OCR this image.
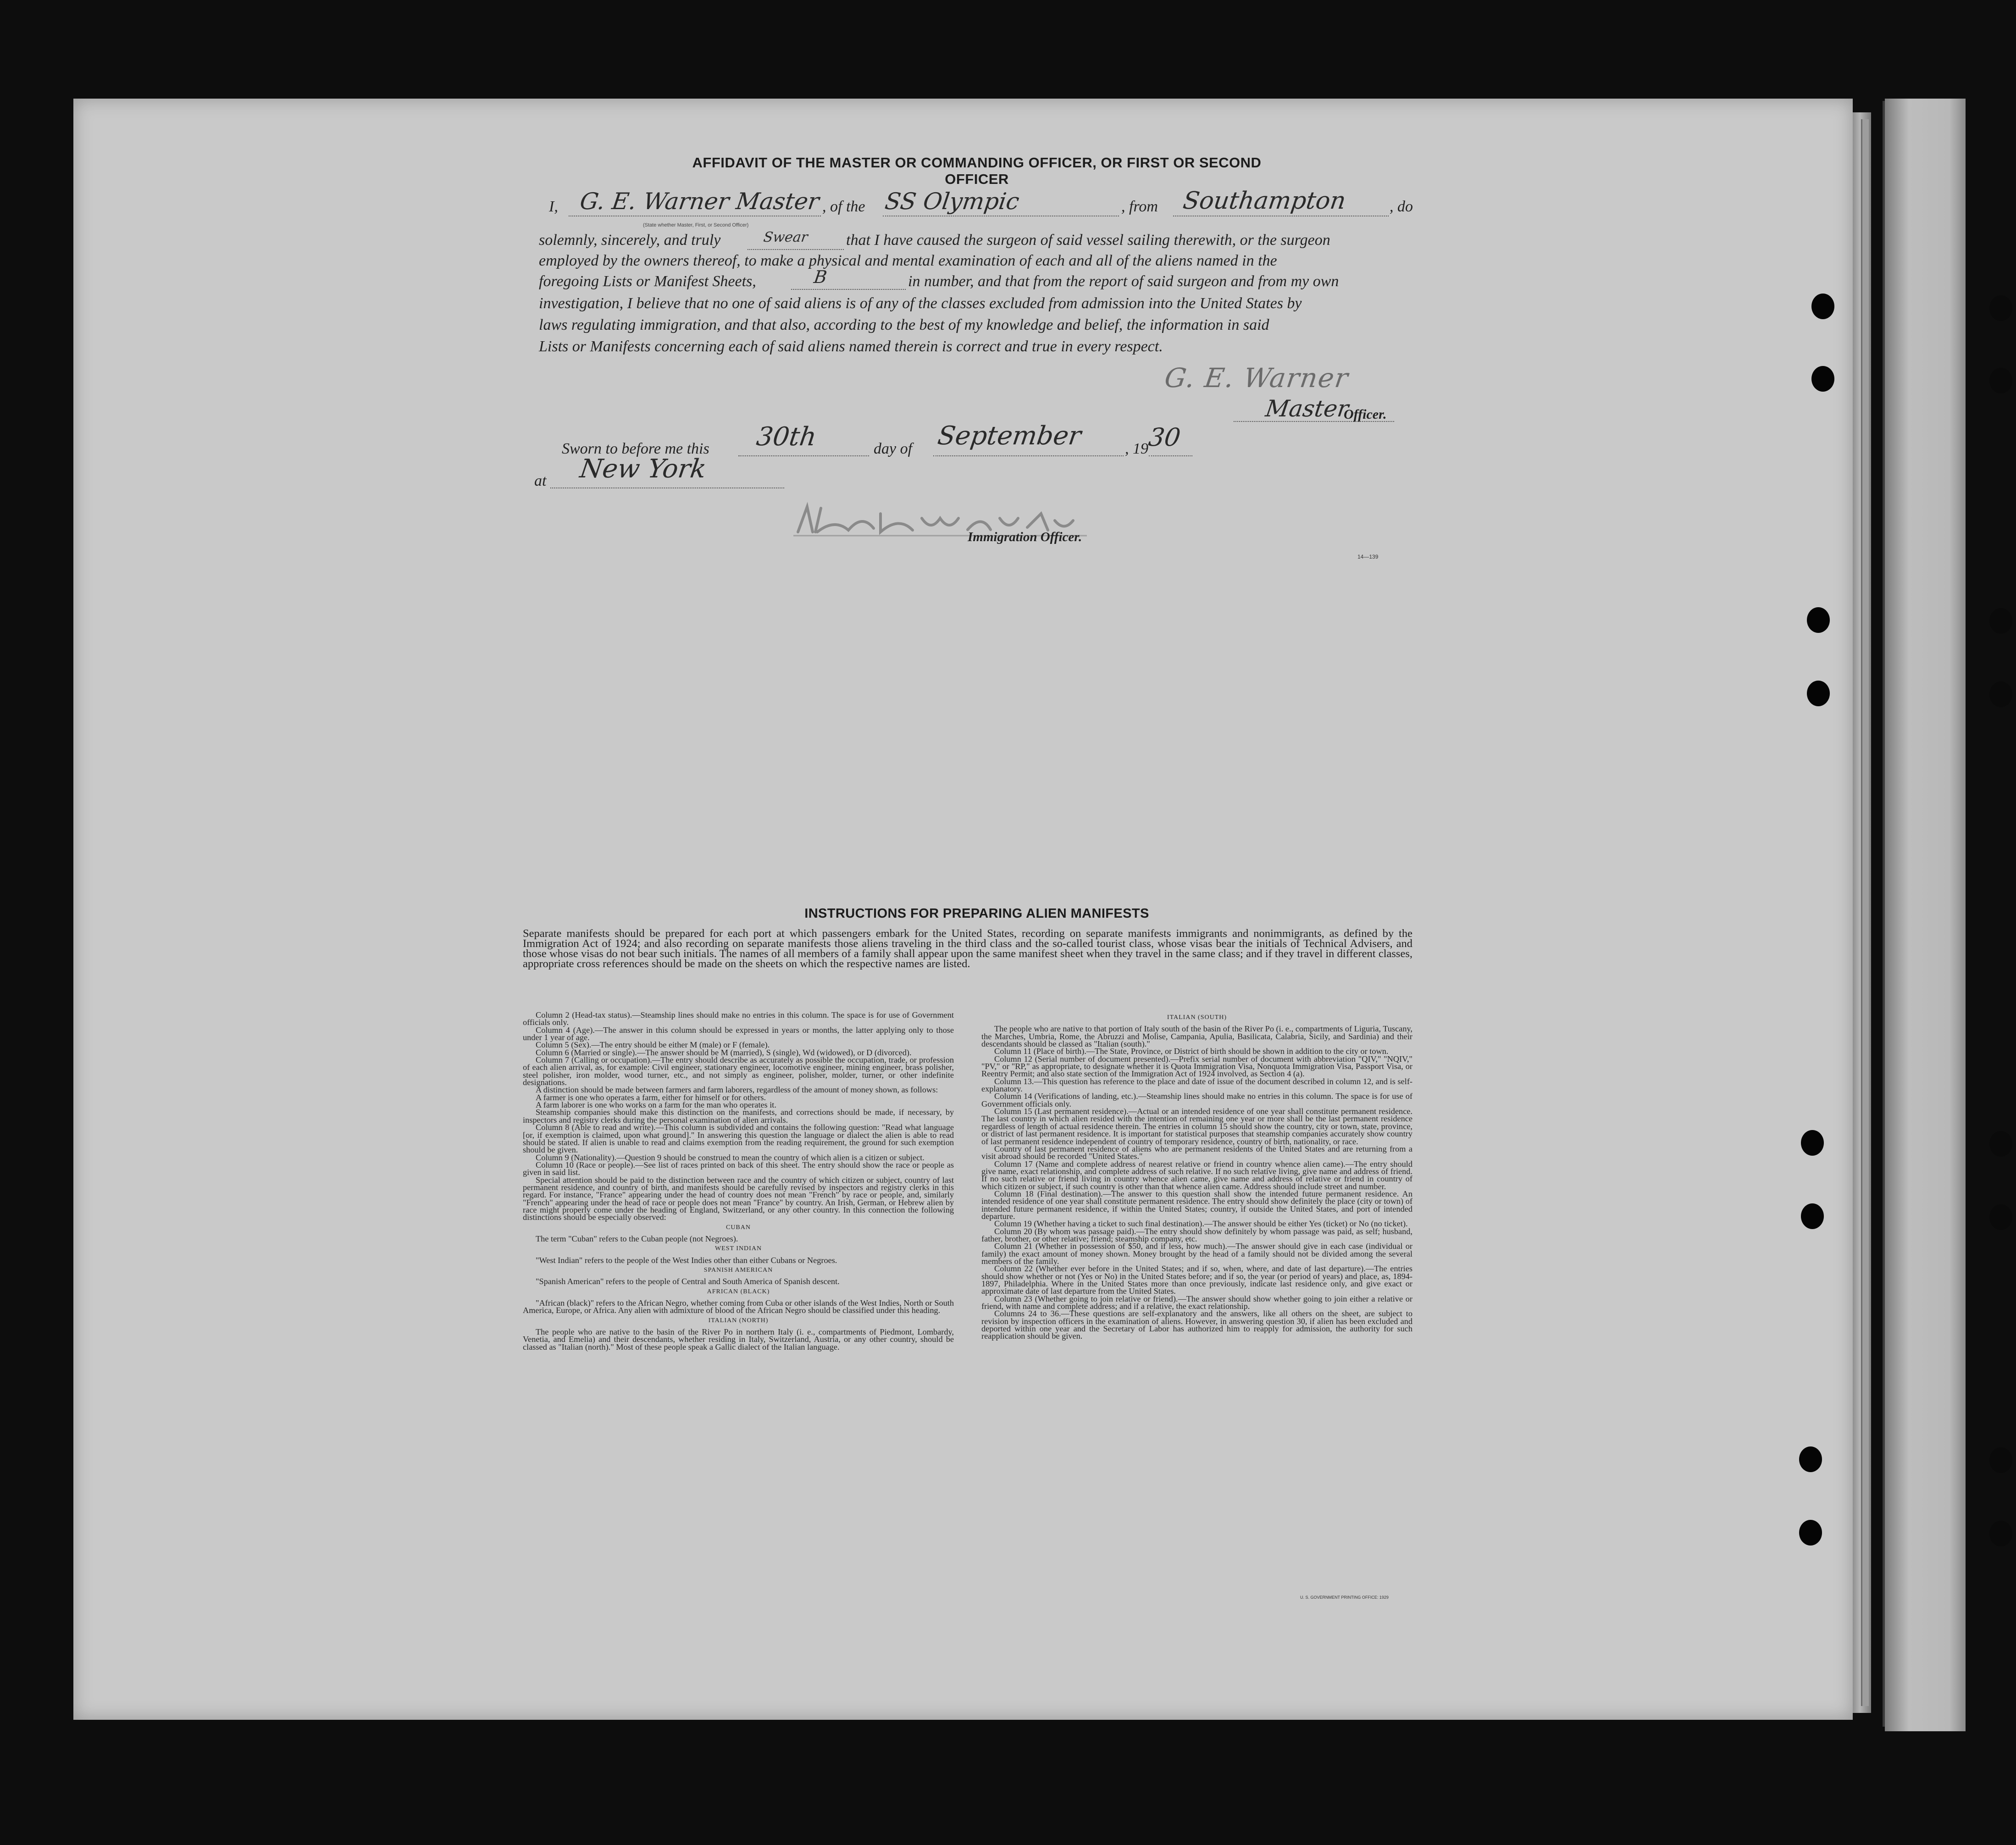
AFFIDAVIT OF THE MASTER OR COMMANDING OFFICER, OR FIRST OR SECOND OFFICER
I, G. E. Warner Master , of the SS Olympic	, from Southampton	, do
(State whether Master, First, or Second Officer)
solemnly, sincerely, and truly	Swear that I have caused the surgeon of said vessel sailing therewith, or the surgeon
employed by the owners thereof, to make a physical and mental examination of each and all of the aliens named in the
foregoing Lists or Manifest Sheets,	B	in number, and that from the report of said surgeon and from my own
investigation, I believe that no one of said aliens is of any of the classes excluded from admission into the United States by
laws regulating immigration, and that also, according to the best of my knowledge and belief, the information in said
Lists or Manifests concerning each of said aliens named therein is correct and true in every respect.
G. E. Warner
Master
Officer.
Sworn to before me this 30th	day of September	, 19
30
at New York
Immigration Officer.
14—139
INSTRUCTIONS FOR PREPARING ALIEN MANIFESTS
Separate manifests should be prepared for each port at which passengers embark for the United States, recording on separate manifests immigrants and nonimmigrants, as defined by the Immigration Act of 1924; and also recording on separate manifests those aliens traveling in the third class and the so-called tourist class, whose visas bear the initials of Technical Advisers, and those whose visas do not bear such initials. The names of all members of a family shall appear upon the same manifest sheet when they travel in the same class; and if they travel in different classes, appropriate cross references should be made on the sheets on which the respective names are listed.

Column 2 (Head-tax status).—Steamship lines should make no entries in this column. The space is for use of Government officials only.

Column 4 (Age).—The answer in this column should be expressed in years or months, the latter applying only to those under 1 year of age.

Column 5 (Sex).—The entry should be either M (male) or F (female).

Column 6 (Married or single).—The answer should be M (married), S (single), Wd (widowed), or D (divorced).

Column 7 (Calling or occupation).—The entry should describe as accurately as possible the occupation, trade, or profession of each alien arrival, as, for example: Civil engineer, stationary engineer, locomotive engineer, mining engineer, brass polisher, steel polisher, iron molder, wood turner, etc., and not simply as engineer, polisher, molder, turner, or other indefinite designations.

A distinction should be made between farmers and farm laborers, regardless of the amount of money shown, as follows:

A farmer is one who operates a farm, either for himself or for others.

A farm laborer is one who works on a farm for the man who operates it.

Steamship companies should make this distinction on the manifests, and corrections should be made, if necessary, by inspectors and registry clerks during the personal examination of alien arrivals.

Column 8 (Able to read and write).—This column is subdivided and contains the following question: "Read what language [or, if exemption is claimed, upon what ground]." In answering this question the language or dialect the alien is able to read should be stated. If alien is unable to read and claims exemption from the reading requirement, the ground for such exemption should be given.

Column 9 (Nationality).—Question 9 should be construed to mean the country of which alien is a citizen or subject.

Column 10 (Race or people).—See list of races printed on back of this sheet. The entry should show the race or people as given in said list.

Special attention should be paid to the distinction between race and the country of which citizen or subject, country of last permanent residence, and country of birth, and manifests should be carefully revised by inspectors and registry clerks in this regard. For instance, "France" appearing under the head of country does not mean "French" by race or people, and, similarly "French" appearing under the head of race or people does not mean "France" by country. An Irish, German, or Hebrew alien by race might properly come under the heading of England, Switzerland, or any other country. In this connection the following distinctions should be especially observed:

CUBAN

The term "Cuban" refers to the Cuban people (not Negroes).

WEST INDIAN

"West Indian" refers to the people of the West Indies other than either Cubans or Negroes.

SPANISH AMERICAN

"Spanish American" refers to the people of Central and South America of Spanish descent.

AFRICAN (BLACK)

"African (black)" refers to the African Negro, whether coming from Cuba or other islands of the West Indies, North or South America, Europe, or Africa. Any alien with admixture of blood of the African Negro should be classified under this heading.

ITALIAN (NORTH)

The people who are native to the basin of the River Po in northern Italy (i. e., compartments of Piedmont, Lombardy, Venetia, and Emelia) and their descendants, whether residing in Italy, Switzerland, Austria, or any other country, should be classed as "Italian (north)." Most of these people speak a Gallic dialect of the Italian language.

ITALIAN (SOUTH)

The people who are native to that portion of Italy south of the basin of the River Po (i. e., compartments of Liguria, Tuscany, the Marches, Umbria, Rome, the Abruzzi and Molise, Campania, Apulia, Basilicata, Calabria, Sicily, and Sardinia) and their descendants should be classed as "Italian (south)."

Column 11 (Place of birth).—The State, Province, or District of birth should be shown in addition to the city or town.

Column 12 (Serial number of document presented).—Prefix serial number of document with abbreviation "QIV," "NQIV," "PV," or "RP," as appropriate, to designate whether it is Quota Immigration Visa, Nonquota Immigration Visa, Passport Visa, or Reentry Permit; and also state section of the Immigration Act of 1924 involved, as Section 4 (a).

Column 13.—This question has reference to the place and date of issue of the document described in column 12, and is self-explanatory.

Column 14 (Verifications of landing, etc.).—Steamship lines should make no entries in this column. The space is for use of Government officials only.

Column 15 (Last permanent residence).—Actual or an intended residence of one year shall constitute permanent residence. The last country in which alien resided with the intention of remaining one year or more shall be the last permanent residence regardless of length of actual residence therein. The entries in column 15 should show the country, city or town, state, province, or district of last permanent residence. It is important for statistical purposes that steamship companies accurately show country of last permanent residence independent of country of temporary residence, country of birth, nationality, or race.

Country of last permanent residence of aliens who are permanent residents of the United States and are returning from a visit abroad should be recorded "United States."

Column 17 (Name and complete address of nearest relative or friend in country whence alien came).—The entry should give name, exact relationship, and complete address of such relative. If no such relative living, give name and address of friend. If no such relative or friend living in country whence alien came, give name and address of relative or friend in country of which citizen or subject, if such country is other than that whence alien came. Address should include street and number.

Column 18 (Final destination).—The answer to this question shall show the intended future permanent residence. An intended residence of one year shall constitute permanent residence. The entry should show definitely the place (city or town) of intended future permanent residence, if within the United States; country, if outside the United States, and port of intended departure.

Column 19 (Whether having a ticket to such final destination).—The answer should be either Yes (ticket) or No (no ticket).

Column 20 (By whom was passage paid).—The entry should show definitely by whom passage was paid, as self; husband, father, brother, or other relative; friend; steamship company, etc.

Column 21 (Whether in possession of $50, and if less, how much).—The answer should give in each case (individual or family) the exact amount of money shown. Money brought by the head of a family should not be divided among the several members of the family.

Column 22 (Whether ever before in the United States; and if so, when, where, and date of last departure).—The entries should show whether or not (Yes or No) in the United States before; and if so, the year (or period of years) and place, as, 1894-1897, Philadelphia. Where in the United States more than once previously, indicate last residence only, and give exact or approximate date of last departure from the United States.

Column 23 (Whether going to join relative or friend).—The answer should show whether going to join either a relative or friend, with name and complete address; and if a relative, the exact relationship.

Columns 24 to 36.—These questions are self-explanatory and the answers, like all others on the sheet, are subject to revision by inspection officers in the examination of aliens. However, in answering question 30, if alien has been excluded and deported within one year and the Secretary of Labor has authorized him to reapply for admission, the authority for such reapplication should be given.

U. S. GOVERNMENT PRINTING OFFICE: 1929
